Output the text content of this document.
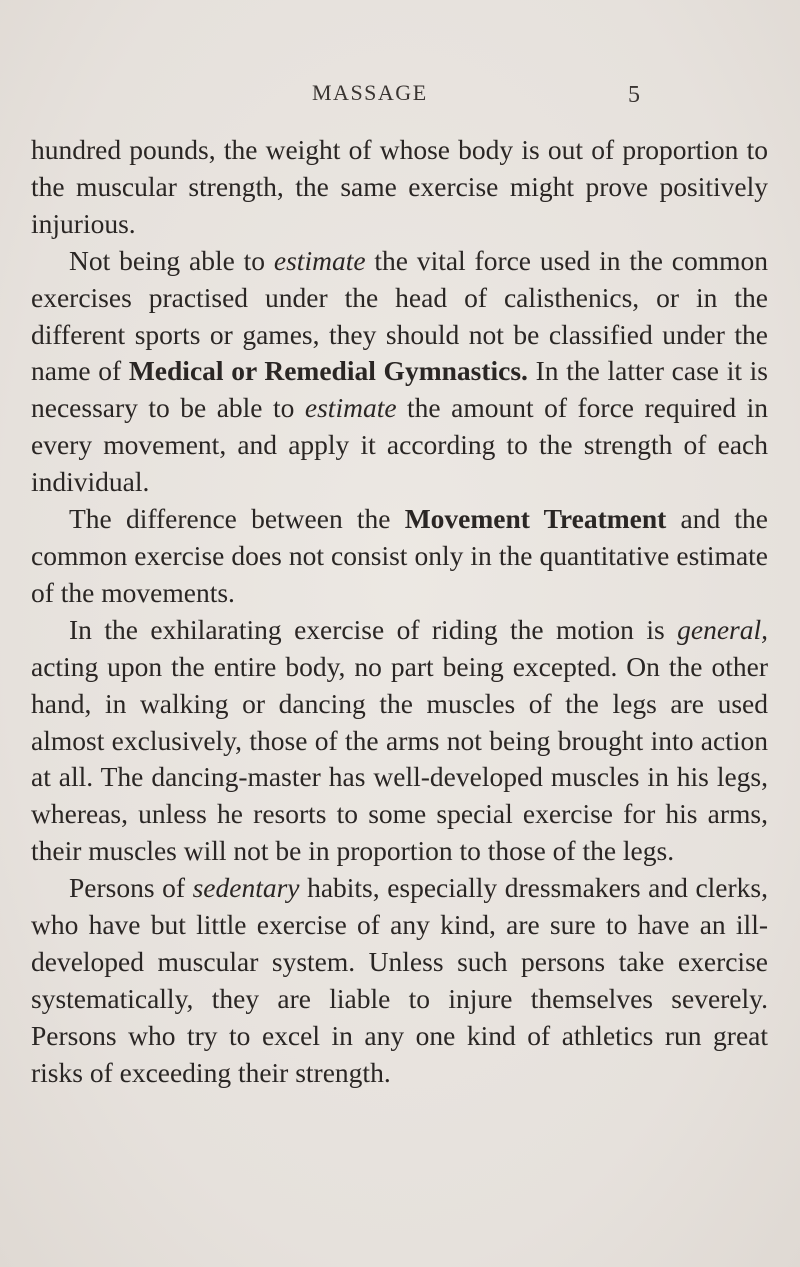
MASSAGE	5

hundred pounds, the weight of whose body is out of proportion to the muscular strength, the same exercise might prove positively injurious.

Not being able to estimate the vital force used in the common exercises practised under the head of calisthenics, or in the different sports or games, they should not be classified under the name of Medical or Remedial Gymnastics. In the latter case it is necessary to be able to estimate the amount of force required in every movement, and apply it according to the strength of each individual.

The difference between the Movement Treatment and the common exercise does not consist only in the quantitative estimate of the movements.

In the exhilarating exercise of riding the motion is general, acting upon the entire body, no part being excepted. On the other hand, in walking or dancing the muscles of the legs are used almost exclusively, those of the arms not being brought into action at all. The dancing-master has well-developed muscles in his legs, whereas, unless he resorts to some special exercise for his arms, their muscles will not be in proportion to those of the legs.

Persons of sedentary habits, especially dressmakers and clerks, who have but little exercise of any kind, are sure to have an ill-developed muscular system. Unless such persons take exercise systematically, they are liable to injure themselves severely. Persons who try to excel in any one kind of athletics run great risks of exceeding their strength.
